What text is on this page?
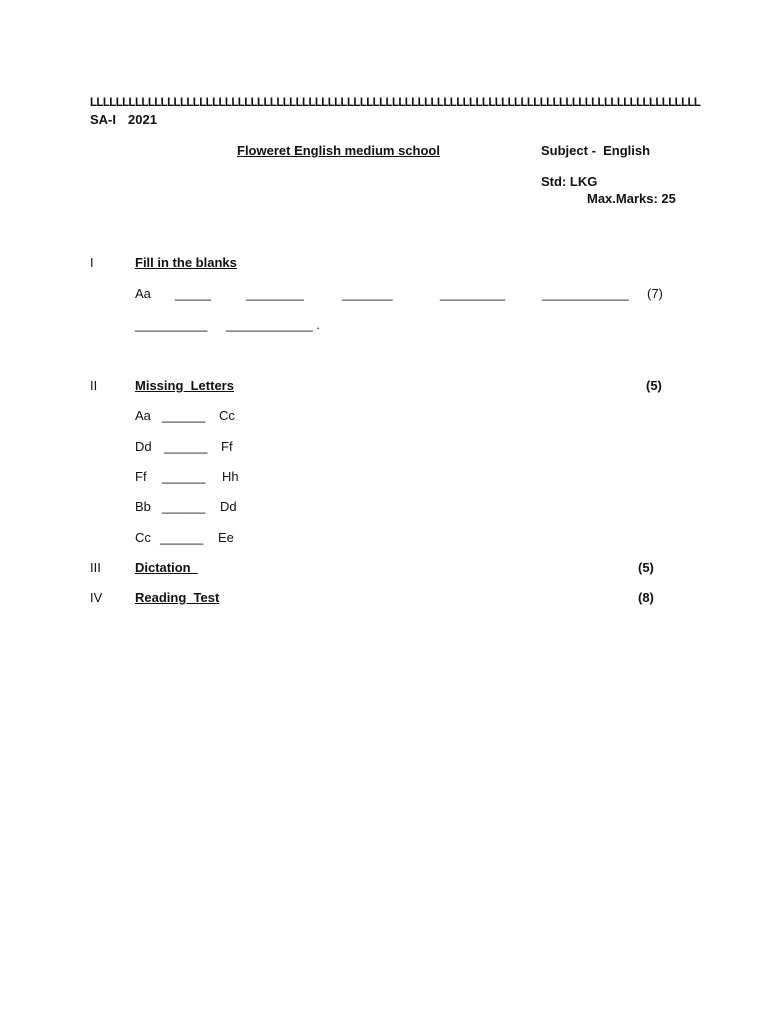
LLLLLLLLLLLLLLLLLLLLLLLLLLLLLLLLLLLLLLLLLLLLLLLLLLLLLLLLLLLLLLLLLLLLLLLLLLLLLLLLLLLLLLLLLLLLLLL
SA-I 2021
Floweret English medium school	Subject -  English
Std: LKG
Max.Marks: 25
I	Fill in the blanks
Aa _____	________	_______	_________	____________ (7)
__________ ____________ .
II	Missing  Letters	(5)
Aa ______ Cc
Dd ______ Ff
Ff ______ Hh
Bb ______ Dd
Cc ______ Ee
III	Dictation	(5)
IV	Reading  Test	(8)
